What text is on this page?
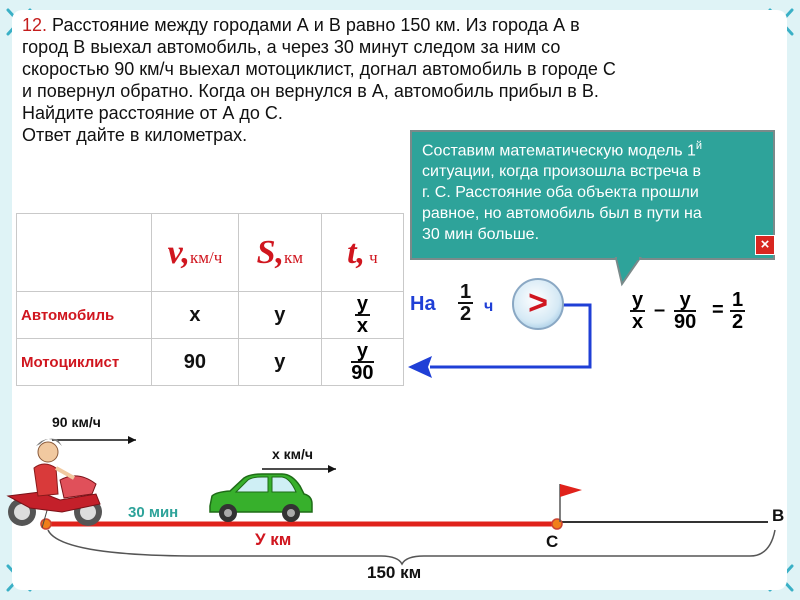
12. Расстояние между городами А и В равно 150 км. Из города А в
город В выехал автомобиль, а через 30 минут следом за ним со
скоростью 90 км/ч выехал мотоциклист, догнал автомобиль в городе С
и повернул обратно. Когда он вернулся в А, автомобиль прибыл в В.
Найдите расстояние от А до С.
Ответ дайте в километрах.
Составим математическую модель $1^й$
ситуации, когда произошла встреча в
г. С. Расстояние оба объекта прошли
равное, но автомобиль был в пути на
30 мин больше.
×
	v,км/ч	S,км	t, ч
Автомобиль	х	у	$\frac{у}{х}$

Мотоциклист	90	у	$\frac{у}{90}$
На $\frac{1}{2}$ ч	>	у
х
– у
90
= $\frac{1}{2}$
90 км/ч
х км/ч
30 мин
У км	С
В
150 км
